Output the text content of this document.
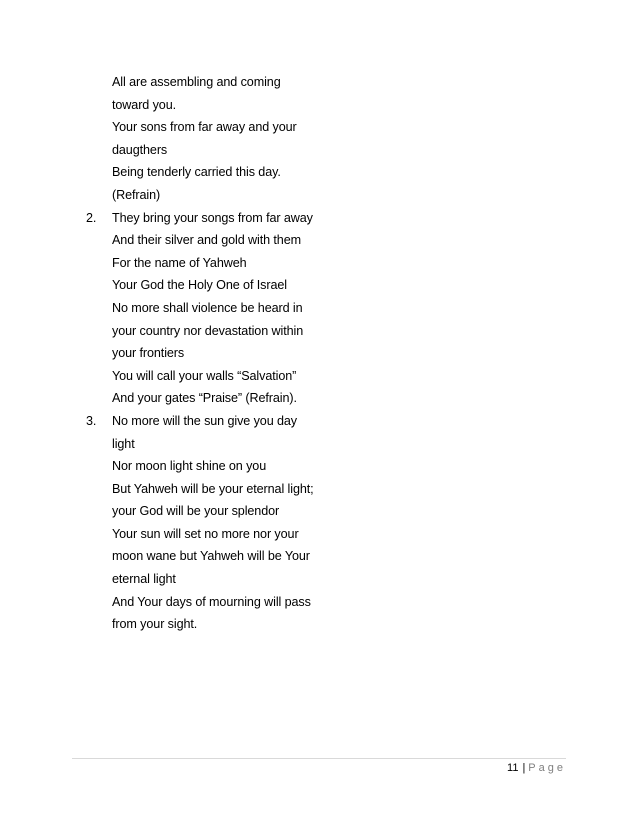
All are assembling and coming
toward you.
Your sons from far away and your
daugthers
Being tenderly carried this day.
(Refrain)
2.	They bring your songs from far away
And their silver and gold with them
For the name of Yahweh
Your God the Holy One of Israel
No more shall violence be heard in
your country nor devastation within
your frontiers
You will call your walls “Salvation”
And your gates “Praise” (Refrain).
3.	No more will the sun give you day
light
Nor moon light shine on you
But Yahweh will be your eternal light;
your God will be your splendor
Your sun will set no more nor your
moon wane but Yahweh will be Your
eternal light
And Your days of mourning will pass
from your sight.
11 | Page
